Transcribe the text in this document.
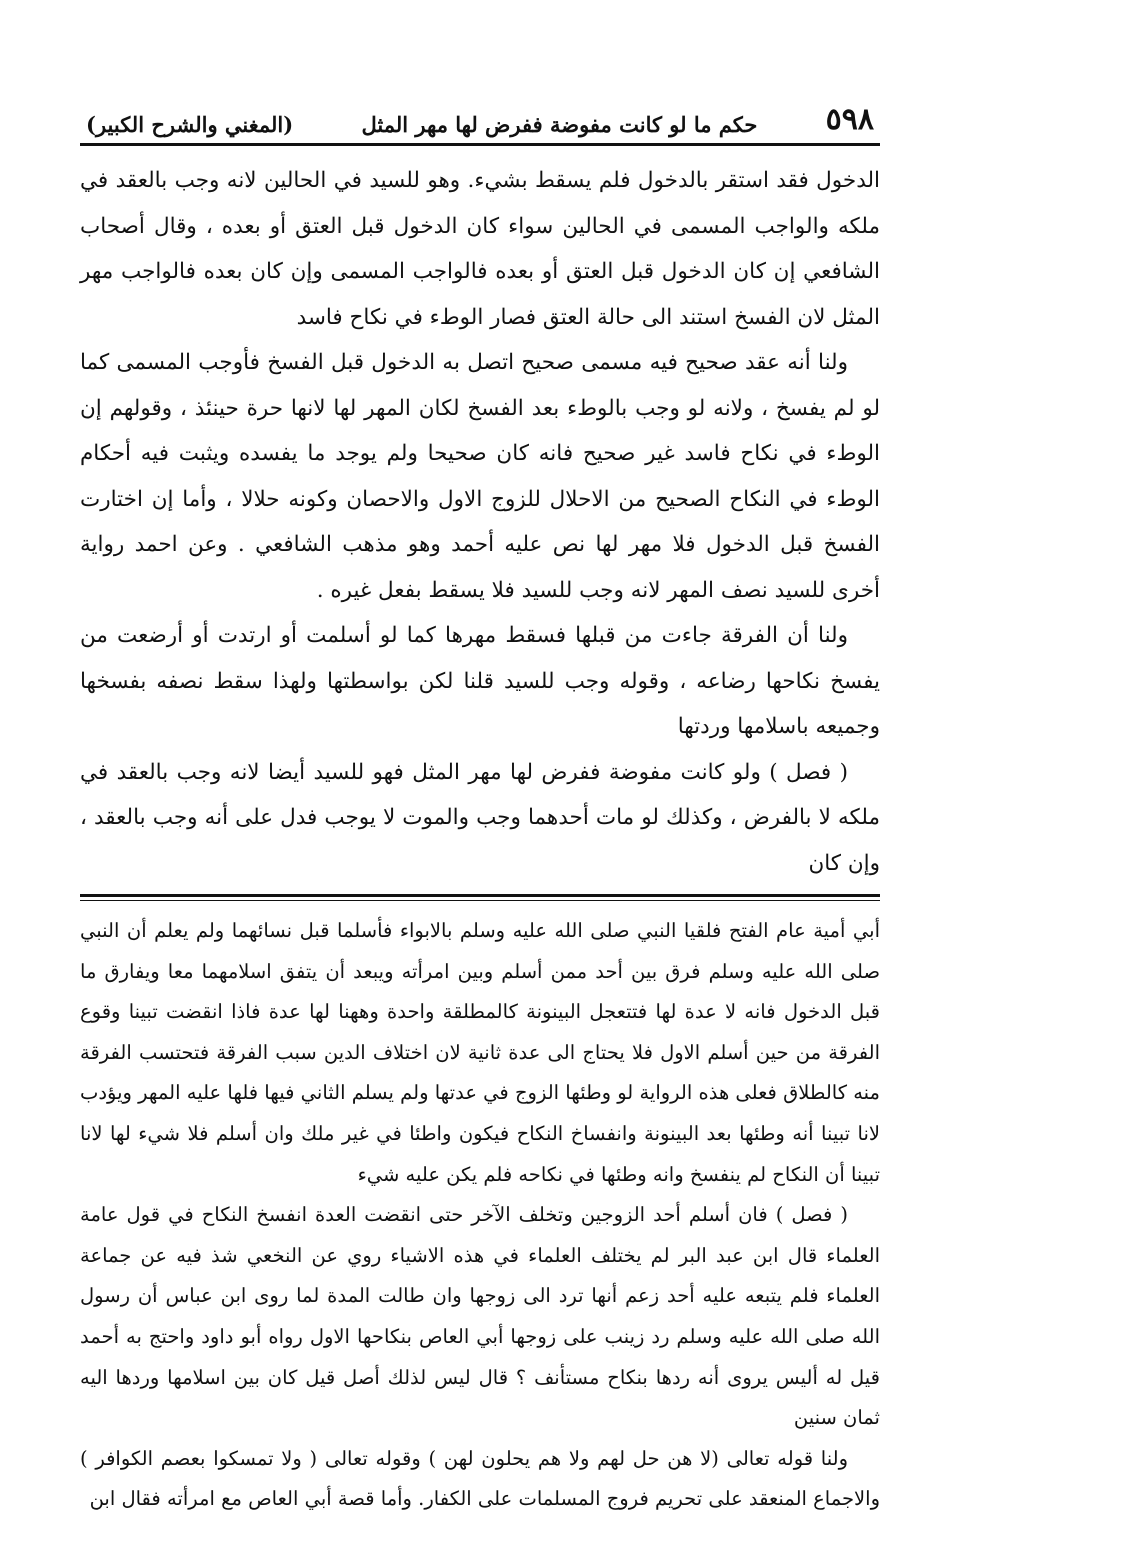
٥٩٨
حكم ما لو كانت مفوضة ففرض لها مهر المثل
(المغني والشرح الكبير)

الدخول فقد استقر بالدخول فلم يسقط بشيء. وهو للسيد في الحالين لانه وجب بالعقد في ملكه والواجب المسمى في الحالين سواء كان الدخول قبل العتق أو بعده ، وقال أصحاب الشافعي إن كان الدخول قبل العتق أو بعده فالواجب المسمى وإن كان بعده فالواجب مهر المثل لان الفسخ استند الى حالة العتق فصار الوطء في نكاح فاسد

ولنا أنه عقد صحيح فيه مسمى صحيح اتصل به الدخول قبل الفسخ فأوجب المسمى كما لو لم يفسخ ، ولانه لو وجب بالوطء بعد الفسخ لكان المهر لها لانها حرة حينئذ ، وقولهم إن الوطء في نكاح فاسد غير صحيح فانه كان صحيحا ولم يوجد ما يفسده ويثبت فيه أحكام الوطء في النكاح الصحيح من الاحلال للزوج الاول والاحصان وكونه حلالا ، وأما إن اختارت الفسخ قبل الدخول فلا مهر لها نص عليه أحمد وهو مذهب الشافعي . وعن احمد رواية أخرى للسيد نصف المهر لانه وجب للسيد فلا يسقط بفعل غيره .

ولنا أن الفرقة جاءت من قبلها فسقط مهرها كما لو أسلمت أو ارتدت أو أرضعت من يفسخ نكاحها رضاعه ، وقوله وجب للسيد قلنا لكن بواسطتها ولهذا سقط نصفه بفسخها وجميعه باسلامها وردتها

( فصل ) ولو كانت مفوضة ففرض لها مهر المثل فهو للسيد أيضا لانه وجب بالعقد في ملكه لا بالفرض ، وكذلك لو مات أحدهما وجب والموت لا يوجب فدل على أنه وجب بالعقد ، وإن كان

أبي أمية عام الفتح فلقيا النبي صلى الله عليه وسلم بالابواء فأسلما قبل نسائهما ولم يعلم أن النبي صلى الله عليه وسلم فرق بين أحد ممن أسلم وبين امرأته ويبعد أن يتفق اسلامهما معا ويفارق ما قبل الدخول فانه لا عدة لها فتتعجل البينونة كالمطلقة واحدة وههنا لها عدة فاذا انقضت تبينا وقوع الفرقة من حين أسلم الاول فلا يحتاج الى عدة ثانية لان اختلاف الدين سبب الفرقة فتحتسب الفرقة منه كالطلاق فعلى هذه الرواية لو وطئها الزوج في عدتها ولم يسلم الثاني فيها فلها عليه المهر ويؤدب لانا تبينا أنه وطئها بعد البينونة وانفساخ النكاح فيكون واطئا في غير ملك وان أسلم فلا شيء لها لانا تبينا أن النكاح لم ينفسخ وانه وطئها في نكاحه فلم يكن عليه شيء

( فصل ) فان أسلم أحد الزوجين وتخلف الآخر حتى انقضت العدة انفسخ النكاح في قول عامة العلماء قال ابن عبد البر لم يختلف العلماء في هذه الاشياء روي عن النخعي شذ فيه عن جماعة العلماء فلم يتبعه عليه أحد زعم أنها ترد الى زوجها وان طالت المدة لما روى ابن عباس أن رسول الله صلى الله عليه وسلم رد زينب على زوجها أبي العاص بنكاحها الاول رواه أبو داود واحتج به أحمد قيل له أليس يروى أنه ردها بنكاح مستأنف ؟ قال ليس لذلك أصل قيل كان بين اسلامها وردها اليه ثمان سنين

ولنا قوله تعالى (لا هن حل لهم ولا هم يحلون لهن ) وقوله تعالى ( ولا تمسكوا بعصم الكوافر ) والاجماع المنعقد على تحريم فروج المسلمات على الكفار. وأما قصة أبي العاص مع امرأته فقال ابن
